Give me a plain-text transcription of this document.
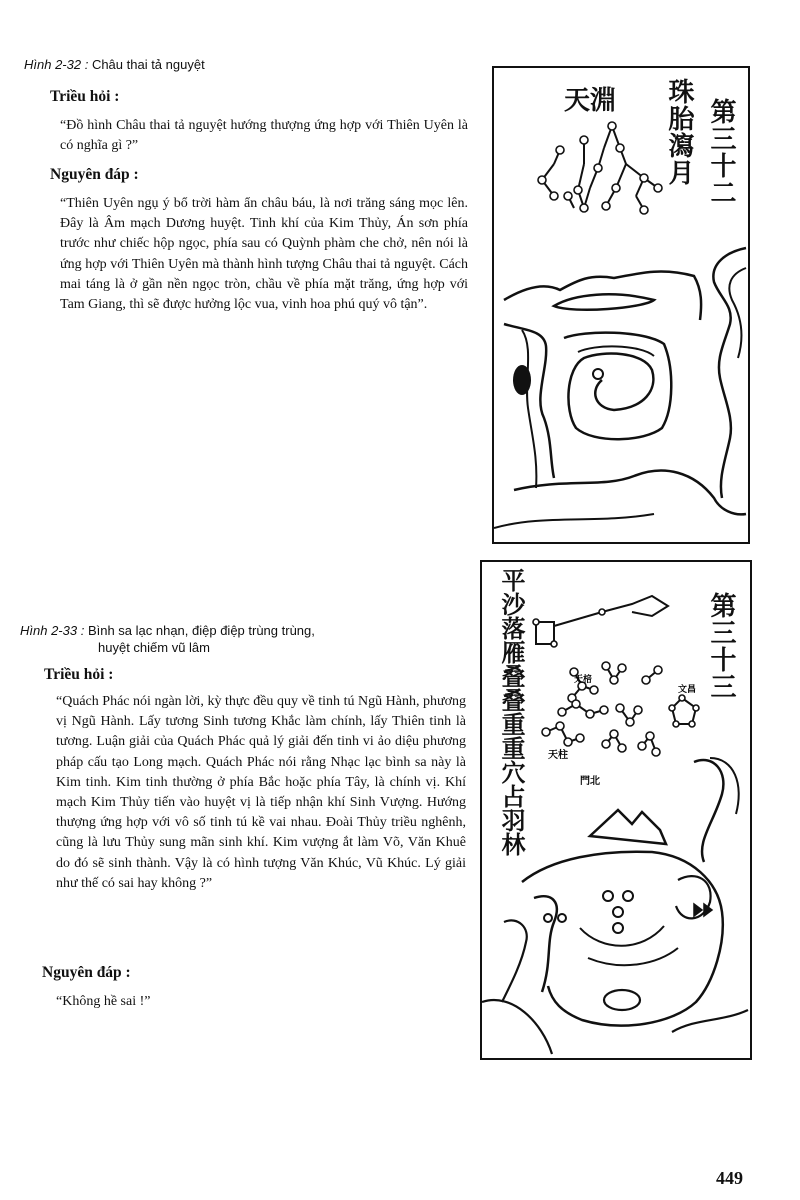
Hình 2-32 : Châu thai tả nguyệt
Triều hỏi :

“Đồ hình Châu thai tả nguyệt hướng thượng ứng hợp với Thiên Uyên là có nghĩa gì ?”

Nguyên đáp :

“Thiên Uyên ngụ ý bổ trời hàm ẩn châu báu, là nơi trăng sáng mọc lên. Đây là Âm mạch Dương huyệt. Tinh khí của Kim Thủy, Án sơn phía trước như chiếc hộp ngọc, phía sau có Quỳnh phàm che chở, nên nói là ứng hợp với Thiên Uyên mà thành hình tượng Châu thai tả nguyệt. Cách mai táng là ở gần nền ngọc tròn, chầu về phía mặt trăng, ứng hợp với Tam Giang, thì sẽ được hưởng lộc vua, vinh hoa phú quý vô tận”.

第三十二
珠胎瀉月
天淵
Hình 2-33 : Bình sa lạc nhạn, điệp điệp trùng trùng,
huyệt chiếm vũ lâm
Triều hỏi :

“Quách Phác nói ngàn lời, kỳ thực đều quy về tinh tú Ngũ Hành, phương vị Ngũ Hành. Lấy tương Sinh tương Khắc làm chính, lấy Thiên tinh là tương. Luận giải của Quách Phác quả lý giải đến tinh vi ảo diệu phương pháp cấu tạo Long mạch. Quách Phác nói rằng Nhạc lạc bình sa này là Kim tinh. Kim tinh thường ở phía Bắc hoặc phía Tây, là chính vị. Khí mạch Kim Thủy tiến vào huyệt vị là tiếp nhận khí Sinh Vượng. Hướng thượng ứng hợp với vô số tinh tú kề vai nhau. Đoài Thủy triều nghênh, cũng là lưu Thủy sung mãn sinh khí. Kim vượng ắt làm Võ, Văn Khuê do đó sẽ sinh thành. Vậy là có hình tượng Văn Khúc, Vũ Khúc. Lý giải như thế có sai hay không ?”

Nguyên đáp :

“Không hề sai !”

第三十三
平沙落雁叠叠重重穴占羽林 天柱
天棓
門北
文昌
449
